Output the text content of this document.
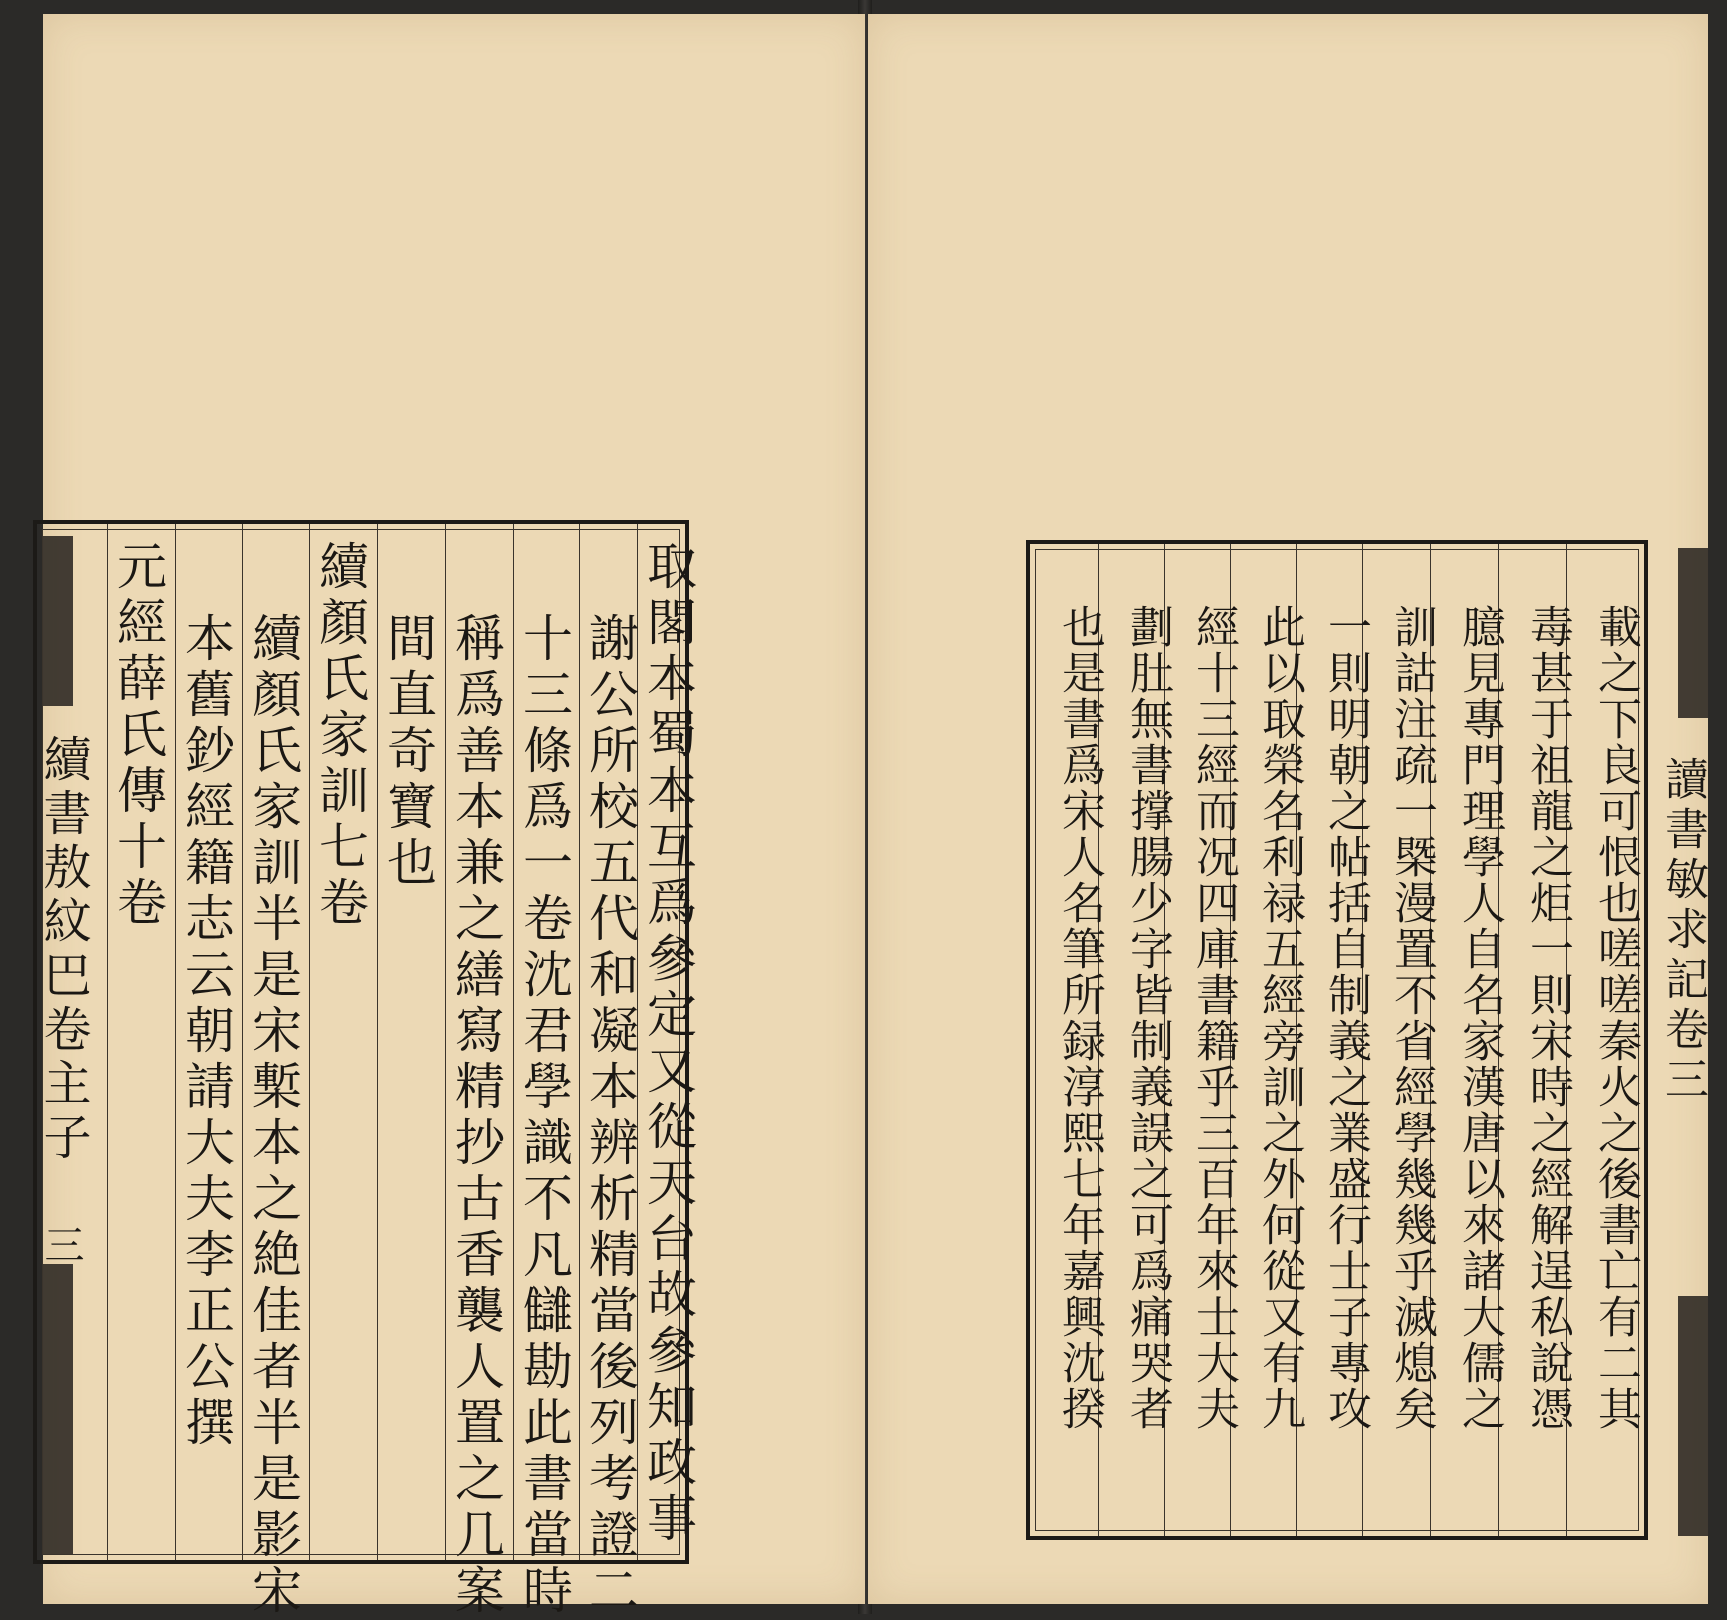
取閣本蜀本互爲參定又從天台故參知政事
謝公所校五代和凝本辨析精當後列考證二
十三條爲一卷沈君學識不凡讎勘此書當時
稱爲善本兼之繕寫精抄古香襲人置之几案
間直奇寶也
續顏氏家訓七卷
續顏氏家訓半是宋槧本之絶佳者半是影宋
本舊鈔經籍志云朝請大夫李正公撰
元經薛氏傳十卷
續書敖紋巴卷主子
三	載之下良可恨也嗟嗟秦火之後書亡有二其
毒甚于祖龍之炬一則宋時之經解逞私說憑
臆見專門理學人自名家漢唐以來諸大儒之
訓詁注疏一槩漫置不省經學幾幾乎滅熄矣
一則明朝之帖括自制義之業盛行士子專攻
此以取榮名利禄五經旁訓之外何從又有九
經十三經而况四庫書籍乎三百年來士大夫
劃肚無書撑腸少字皆制義誤之可爲痛哭者
也是書爲宋人名筆所録淳熙七年嘉興沈揆	讀書敏求記卷三
